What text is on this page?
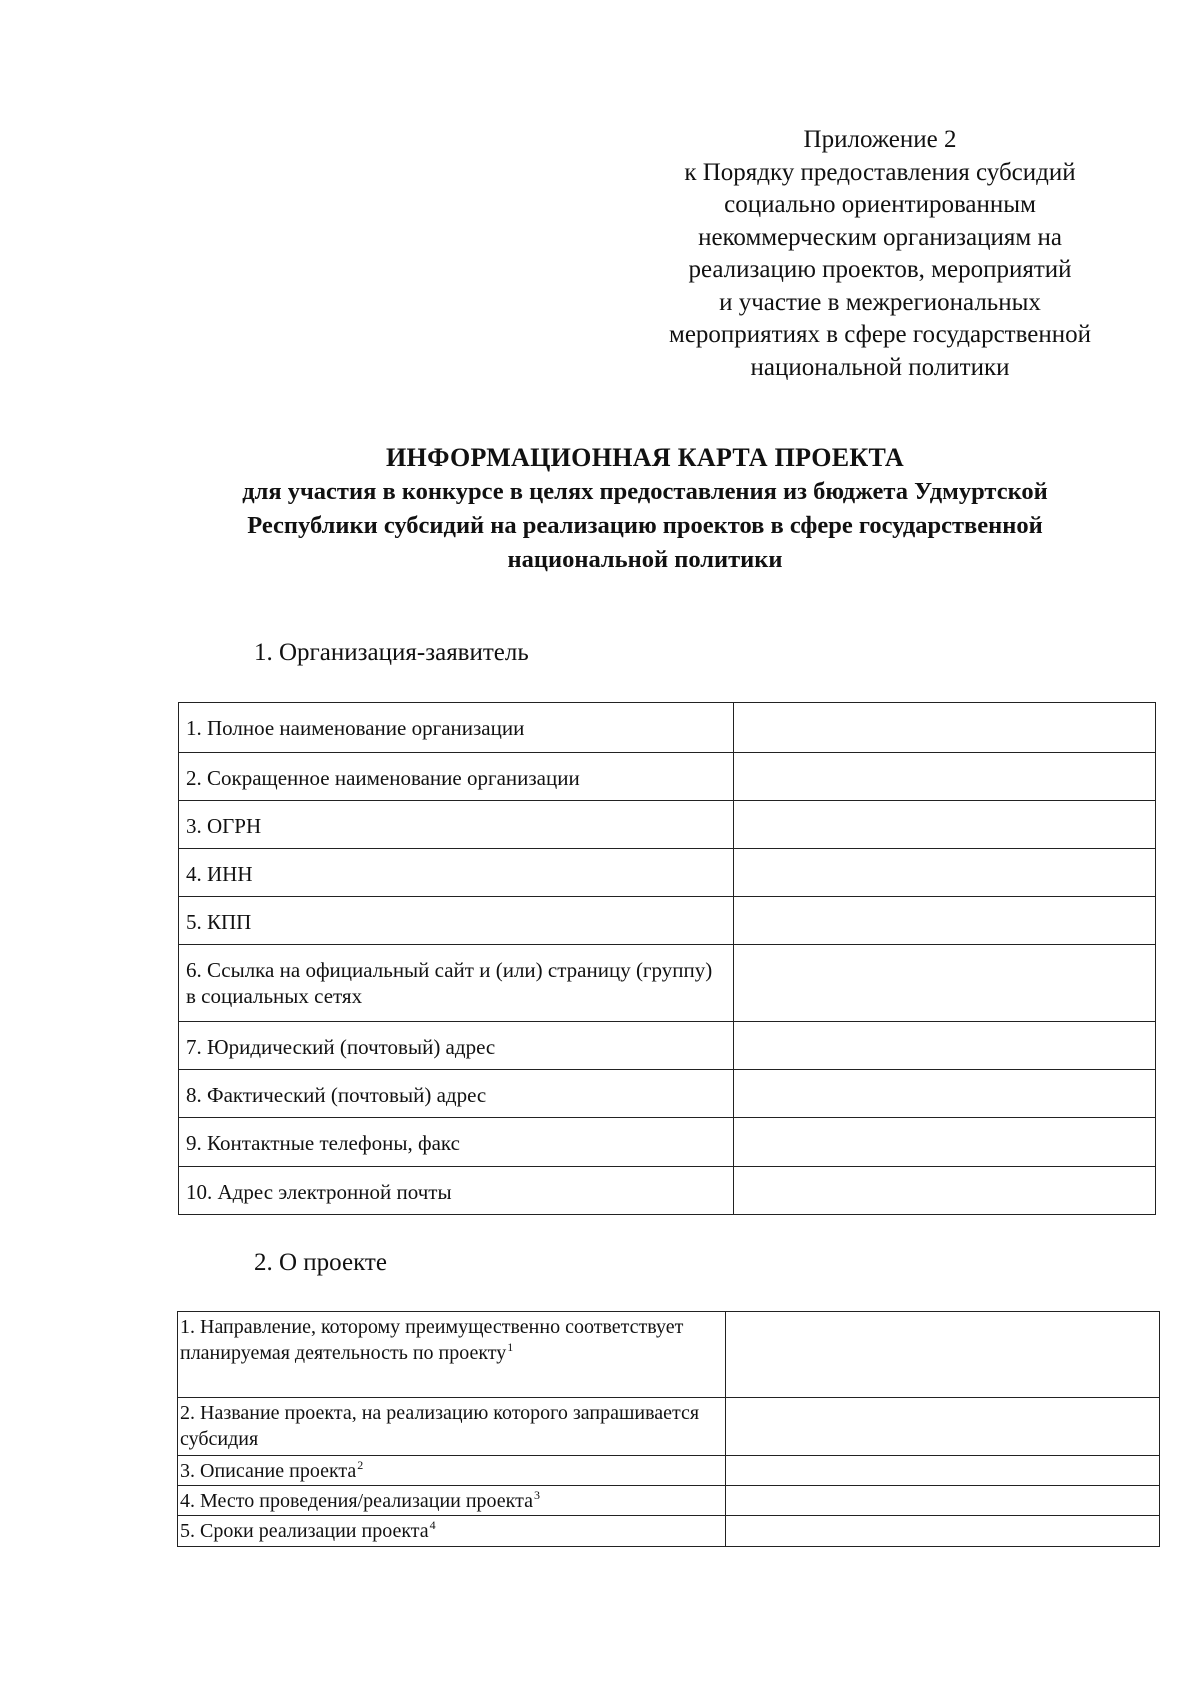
Приложение 2
к Порядку предоставления субсидий
социально ориентированным
некоммерческим организациям на
реализацию проектов, мероприятий
и участие в межрегиональных
мероприятиях в сфере государственной
национальной политики
ИНФОРМАЦИОННАЯ КАРТА ПРОЕКТА
для участия в конкурсе в целях предоставления из бюджета Удмуртской
Республики субсидий на реализацию проектов в сфере государственной
национальной политики
1. Организация-заявитель
1. Полное наименование организации	
2. Сокращенное наименование организации	
3. ОГРН	
4. ИНН	
5. КПП	
6. Ссылка на официальный сайт и (или) страницу (группу) в социальных сетях	
7. Юридический (почтовый) адрес	
8. Фактический (почтовый) адрес	
9. Контактные телефоны, факс	
10. Адрес электронной почты	
2. О проекте
1. Направление, которому преимущественно соответствует планируемая деятельность по проекту$^1$	
2. Название проекта, на реализацию которого запрашивается субсидия	
3. Описание проекта$^2$	
4. Место проведения/реализации проекта$^3$	
5. Сроки реализации проекта$^4$	
